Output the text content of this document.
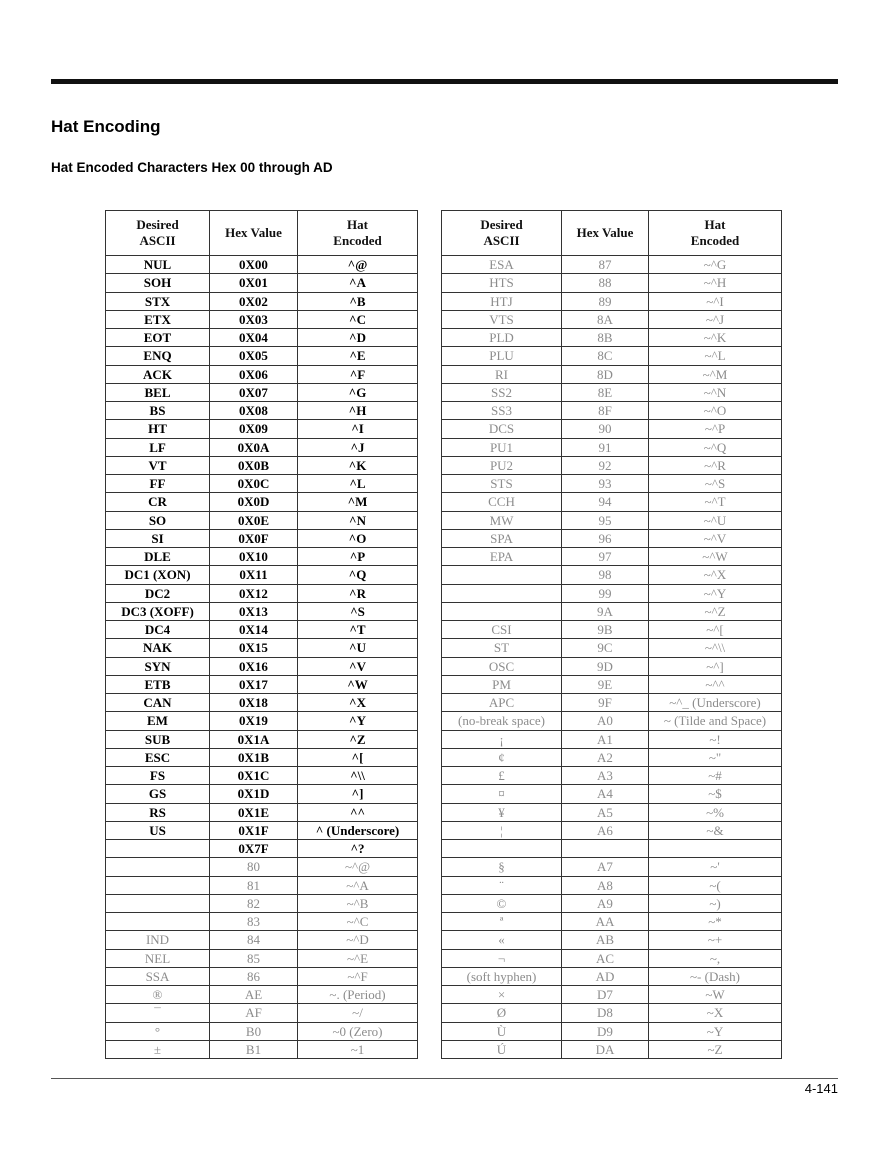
Hat Encoding
Hat Encoded Characters Hex 00 through AD
Desired
ASCII	Hex Value	Hat
Encoded

NUL	0X00	^@
SOH	0X01	^A
STX	0X02	^B
ETX	0X03	^C
EOT	0X04	^D
ENQ	0X05	^E
ACK	0X06	^F
BEL	0X07	^G
BS	0X08	^H
HT	0X09	^I
LF	0X0A	^J
VT	0X0B	^K
FF	0X0C	^L
CR	0X0D	^M
SO	0X0E	^N
SI	0X0F	^O
DLE	0X10	^P
DC1 (XON)	0X11	^Q
DC2	0X12	^R
DC3 (XOFF)	0X13	^S
DC4	0X14	^T
NAK	0X15	^U
SYN	0X16	^V
ETB	0X17	^W
CAN	0X18	^X
EM	0X19	^Y
SUB	0X1A	^Z
ESC	0X1B	^[
FS	0X1C	^\\
GS	0X1D	^]
RS	0X1E	^^
US	0X1F	^ (Underscore)
	0X7F	^?
	80	~^@
	81	~^A
	82	~^B
	83	~^C
IND	84	~^D
NEL	85	~^E
SSA	86	~^F
®	AE	~. (Period)
¯	AF	~/
°	B0	~0 (Zero)
±	B1	~1
Desired
ASCII	Hex Value	Hat
Encoded

ESA	87	~^G
HTS	88	~^H
HTJ	89	~^I
VTS	8A	~^J
PLD	8B	~^K
PLU	8C	~^L
RI	8D	~^M
SS2	8E	~^N
SS3	8F	~^O
DCS	90	~^P
PU1	91	~^Q
PU2	92	~^R
STS	93	~^S
CCH	94	~^T
MW	95	~^U
SPA	96	~^V
EPA	97	~^W
	98	~^X
	99	~^Y
	9A	~^Z
CSI	9B	~^[
ST	9C	~^\\
OSC	9D	~^]
PM	9E	~^^
APC	9F	~^_ (Underscore)
(no-break space)	A0	~ (Tilde and Space)
¡	A1	~!
¢	A2	~"
£	A3	~#
¤	A4	~$
¥	A5	~%
¦	A6	~&

§	A7	~'
¨	A8	~(
©	A9	~)
ª	AA	~*
«	AB	~+
¬	AC	~,
(soft hyphen)	AD	~- (Dash)
×	D7	~W
Ø	D8	~X
Ù	D9	~Y
Ú	DA	~Z
4-141
